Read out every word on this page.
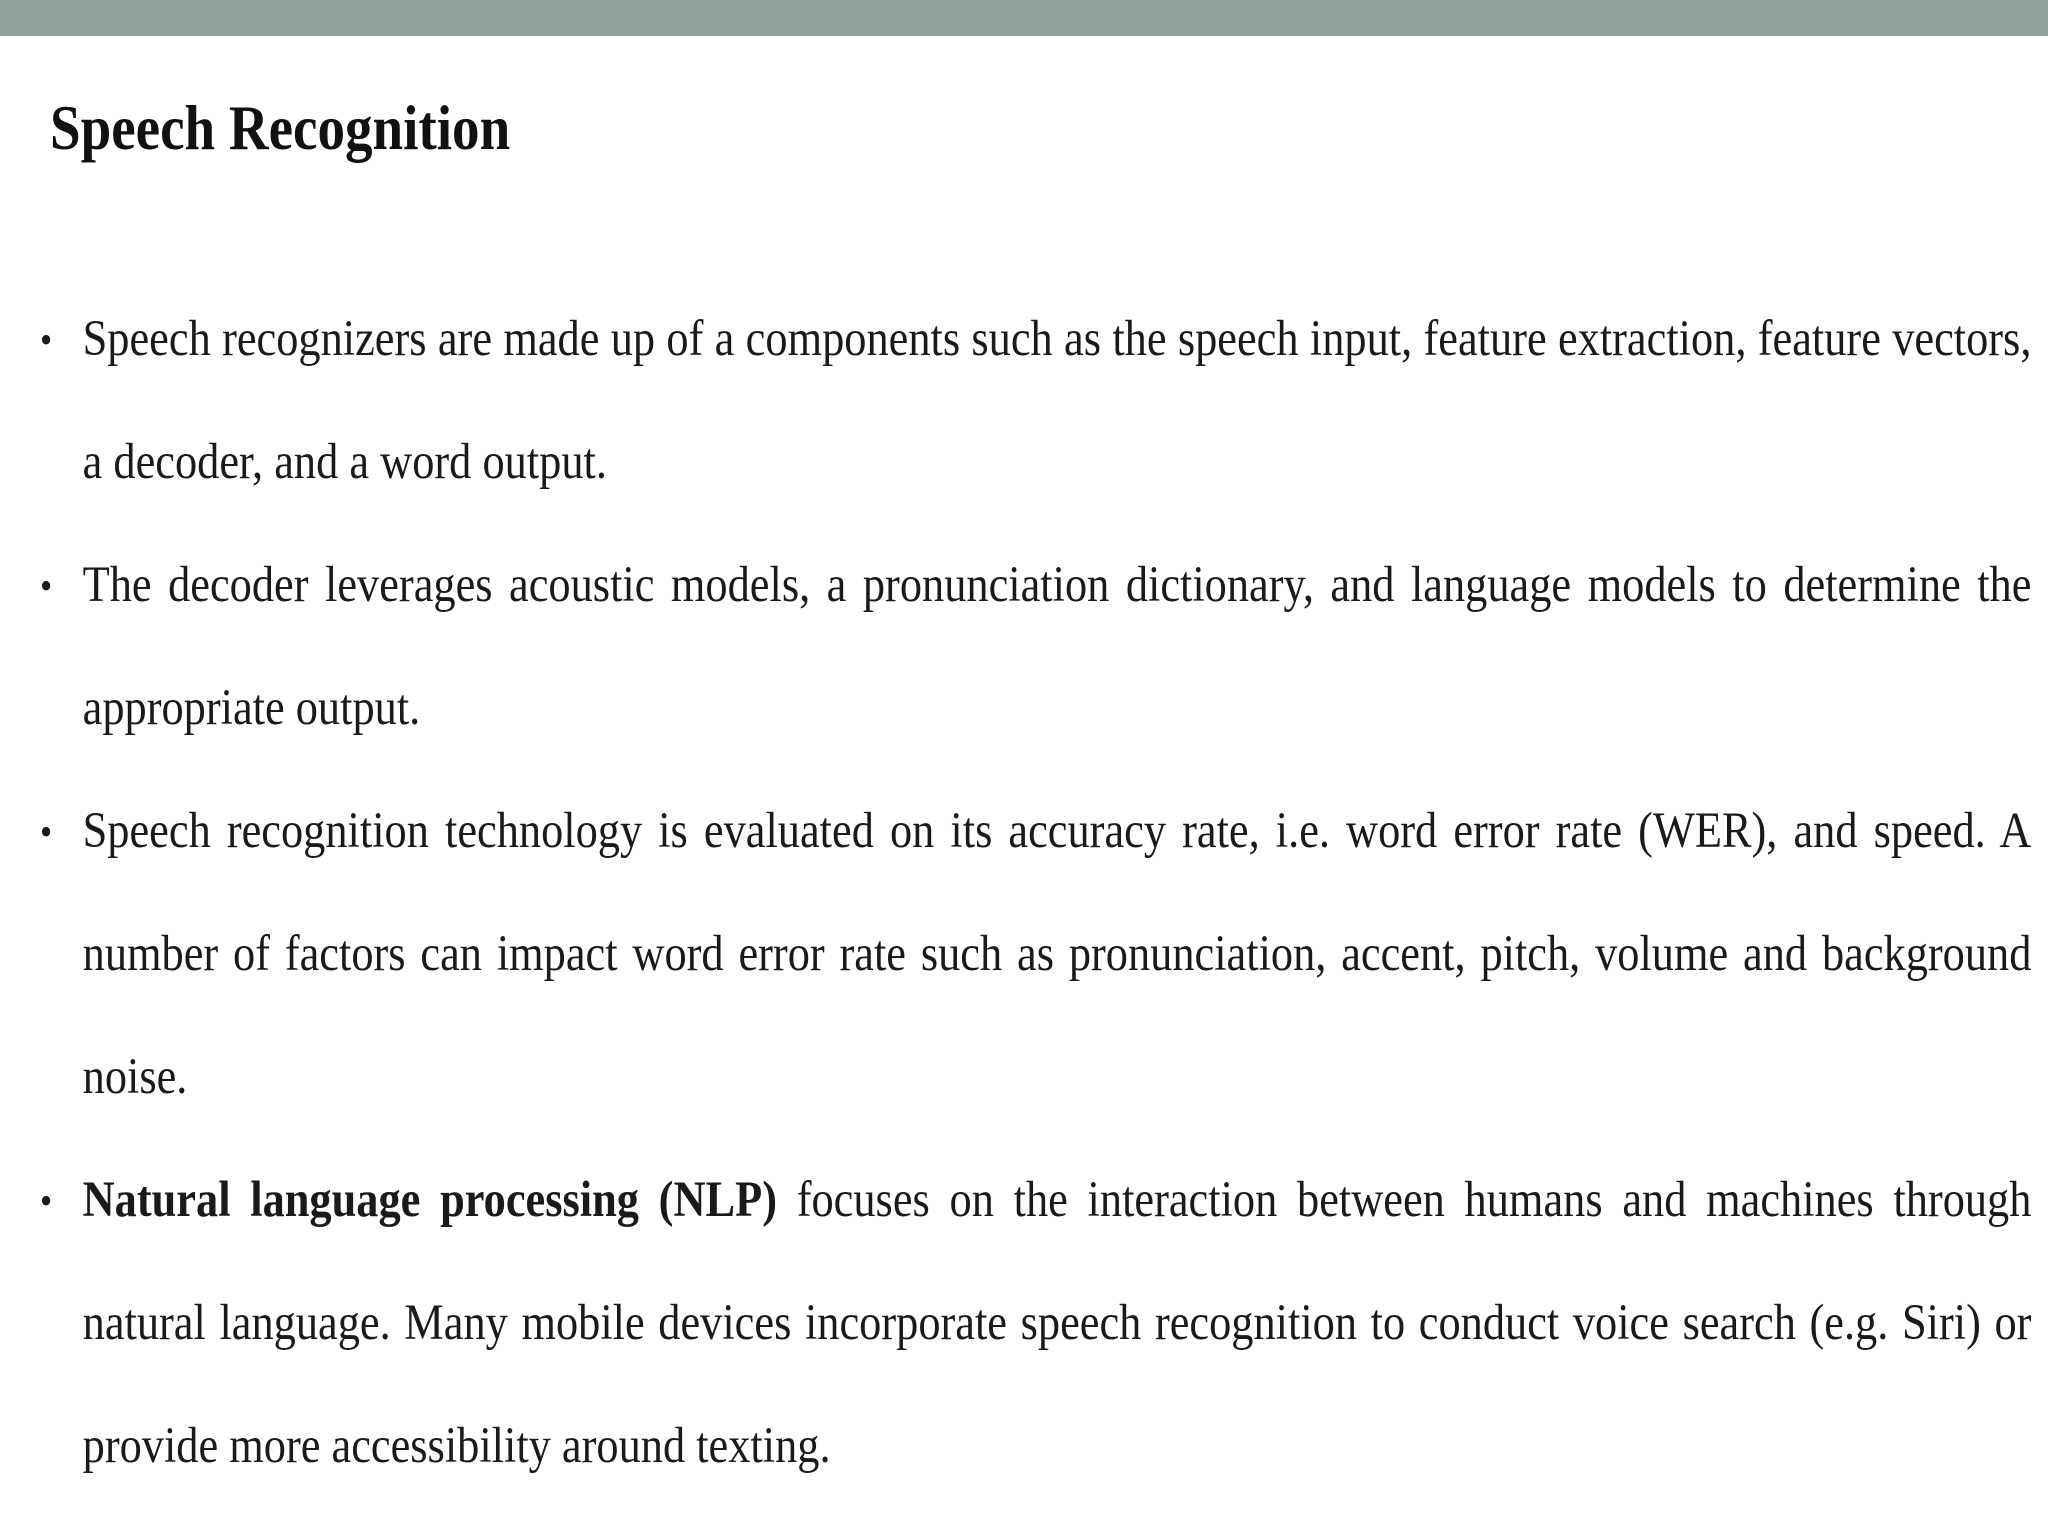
Speech Recognition
• Speech recognizers are made up of a components such as the speech input, feature extraction, feature vectors, a decoder, and a word output.
• The decoder leverages acoustic models, a pronunciation dictionary, and language models to determine the appropriate output.
• Speech recognition technology is evaluated on its accuracy rate, i.e. word error rate (WER), and speed. A number of factors can impact word error rate such as pronunciation, accent, pitch, volume and background noise.
• Natural language processing (NLP) focuses on the interaction between humans and machines through natural language. Many mobile devices incorporate speech recognition to conduct voice search (e.g. Siri) or provide more accessibility around texting.
